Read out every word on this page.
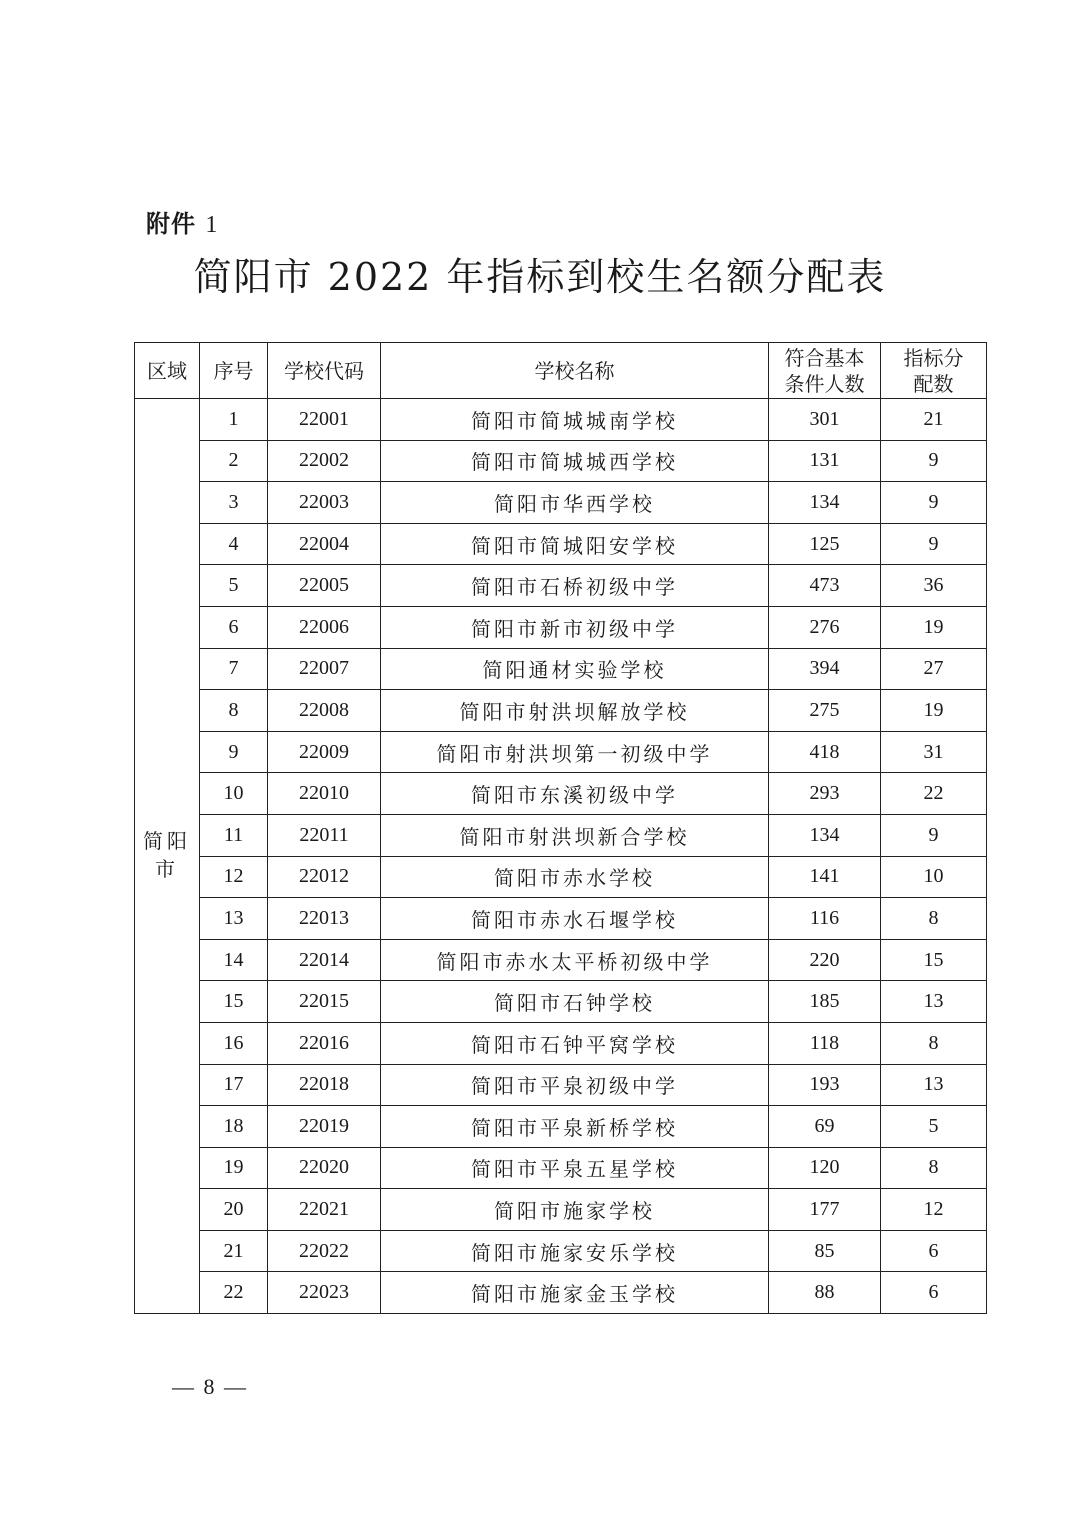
附件 1
简阳市 2022 年指标到校生名额分配表
区域	序号	学校代码	学校名称	符合基本条件人数	指标分配数
简阳市	1	22001	简阳市简城城南学校	301	21
	2	22002	简阳市简城城西学校	131	9
	3	22003	简阳市华西学校	134	9
	4	22004	简阳市简城阳安学校	125	9
	5	22005	简阳市石桥初级中学	473	36
	6	22006	简阳市新市初级中学	276	19
	7	22007	简阳通材实验学校	394	27
	8	22008	简阳市射洪坝解放学校	275	19
	9	22009	简阳市射洪坝第一初级中学	418	31
	10	22010	简阳市东溪初级中学	293	22
	11	22011	简阳市射洪坝新合学校	134	9
	12	22012	简阳市赤水学校	141	10
	13	22013	简阳市赤水石堰学校	116	8
	14	22014	简阳市赤水太平桥初级中学	220	15
	15	22015	简阳市石钟学校	185	13
	16	22016	简阳市石钟平窝学校	118	8
	17	22018	简阳市平泉初级中学	193	13
	18	22019	简阳市平泉新桥学校	69	5
	19	22020	简阳市平泉五星学校	120	8
	20	22021	简阳市施家学校	177	12
	21	22022	简阳市施家安乐学校	85	6
	22	22023	简阳市施家金玉学校	88	6
— 8 —
